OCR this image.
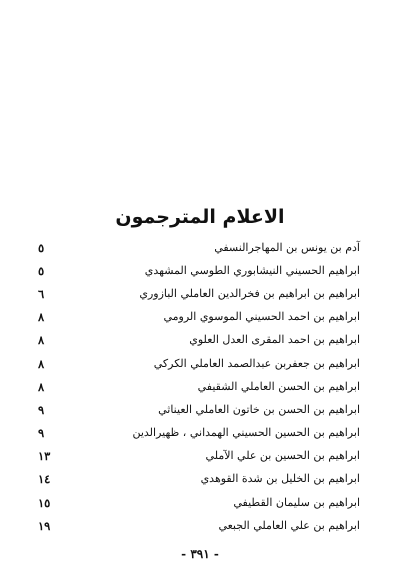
الاعلام المترجمون
آدم بن يونس بن المهاجرالنسفي
٥
ابراهيم الحسيني النيشابوري الطوسي المشهدي
٥
ابراهيم بن ابراهيم بن فخرالدين العاملي البازوري
٦
ابراهيم بن احمد الحسيني الموسوي الرومي
٨
ابراهيم بن احمد المقرى العدل العلوي
٨
ابراهيم بن جعفربن عبدالصمد العاملي الكركي
٨
ابراهيم بن الحسن العاملي الشقيفي
٨
ابراهيم بن الحسن بن خاتون العاملي العيناثي
٩
ابراهيم بن الحسين الحسيني الهمداني ، ظهيرالدين
٩
ابراهيم بن الحسين بن علي الآملي
١٣
ابراهيم بن الخليل بن شدة القوهدي
١٤
ابراهيم بن سليمان القطيفي
١٥
ابراهيم بن علي العاملي الجبعي
١٩
- ٣٩١ -
